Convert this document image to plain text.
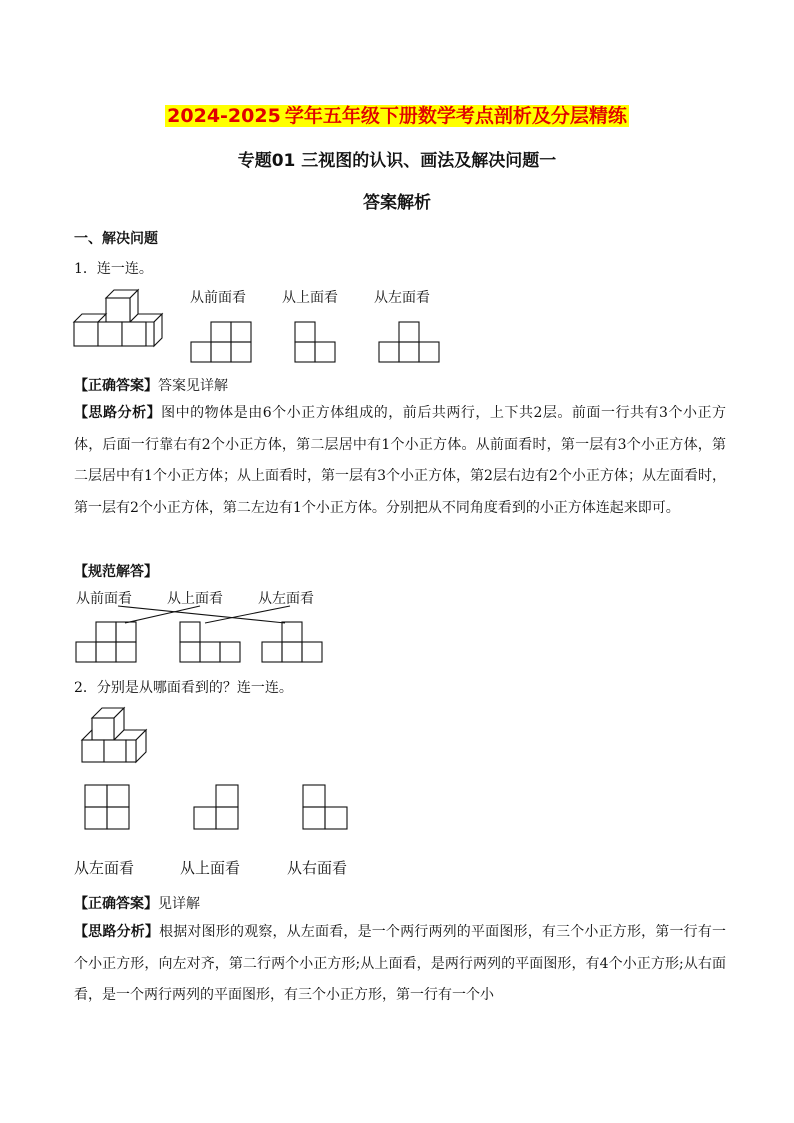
2024-2025 学年五年级下册数学考点剖析及分层精练
专题01 三视图的认识、画法及解决问题一
答案解析
一、解决问题
1．连一连。
从前面看	从上面看	从左面看
【正确答案】答案见详解
【思路分析】图中的物体是由6个小正方体组成的，前后共两行，上下共2层。前面一行共有3个小正方体，后面一行靠右有2个小正方体，第二层居中有1个小正方体。从前面看时，第一层有3个小正方体，第二层居中有1个小正方体；从上面看时，第一层有3个小正方体，第2层右边有2个小正方体；从左面看时，第一层有2个小正方体，第二左边有1个小正方体。分别把从不同角度看到的小正方体连起来即可。
【规范解答】
从前面看	从上面看	从左面看
2．分别是从哪面看到的？连一连。
从左面看	从上面看	从右面看
【正确答案】见详解
【思路分析】根据对图形的观察，从左面看，是一个两行两列的平面图形，有三个小正方形，第一行有一个小正方形，向左对齐，第二行两个小正方形;从上面看，是两行两列的平面图形，有4个小正方形;从右面看，是一个两行两列的平面图形，有三个小正方形，第一行有一个小
